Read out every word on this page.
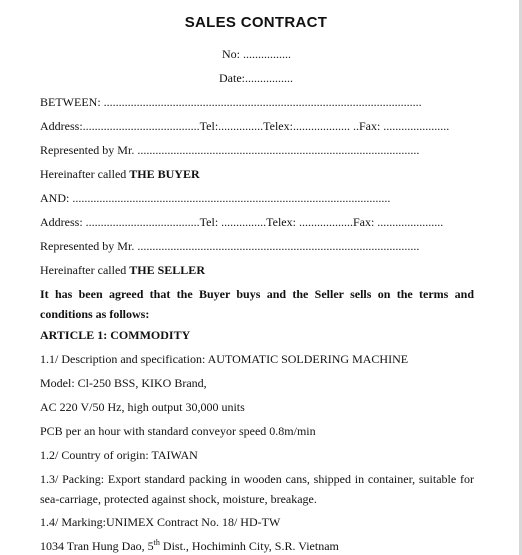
SALES CONTRACT
No: ................
Date:................
BETWEEN: ..........................................................................................................
Address:.......................................Tel:...............Telex:................... ..Fax: ......................
Represented by Mr. ..............................................................................................
Hereinafter called THE BUYER
AND: ..........................................................................................................
Address: ......................................Tel: ...............Telex: ..................Fax: ......................
Represented by Mr. ..............................................................................................
Hereinafter called THE SELLER
It has been agreed that the Buyer buys and the Seller sells on the terms and conditions as follows:
ARTICLE 1: COMMODITY
1.1/ Description and specification: AUTOMATIC SOLDERING MACHINE
Model: Cl-250 BSS, KIKO Brand,
AC 220 V/50 Hz, high output 30,000 units
PCB per an hour with standard conveyor speed 0.8m/min
1.2/ Country of origin: TAIWAN
1.3/ Packing: Export standard packing in wooden cans, shipped in container, suitable for sea-carriage, protected against shock, moisture, breakage.
1.4/ Marking:UNIMEX Contract No. 18/ HD-TW
1034 Tran Hung Dao, 5th Dist., Hochiminh City, S.R. Vietnam
